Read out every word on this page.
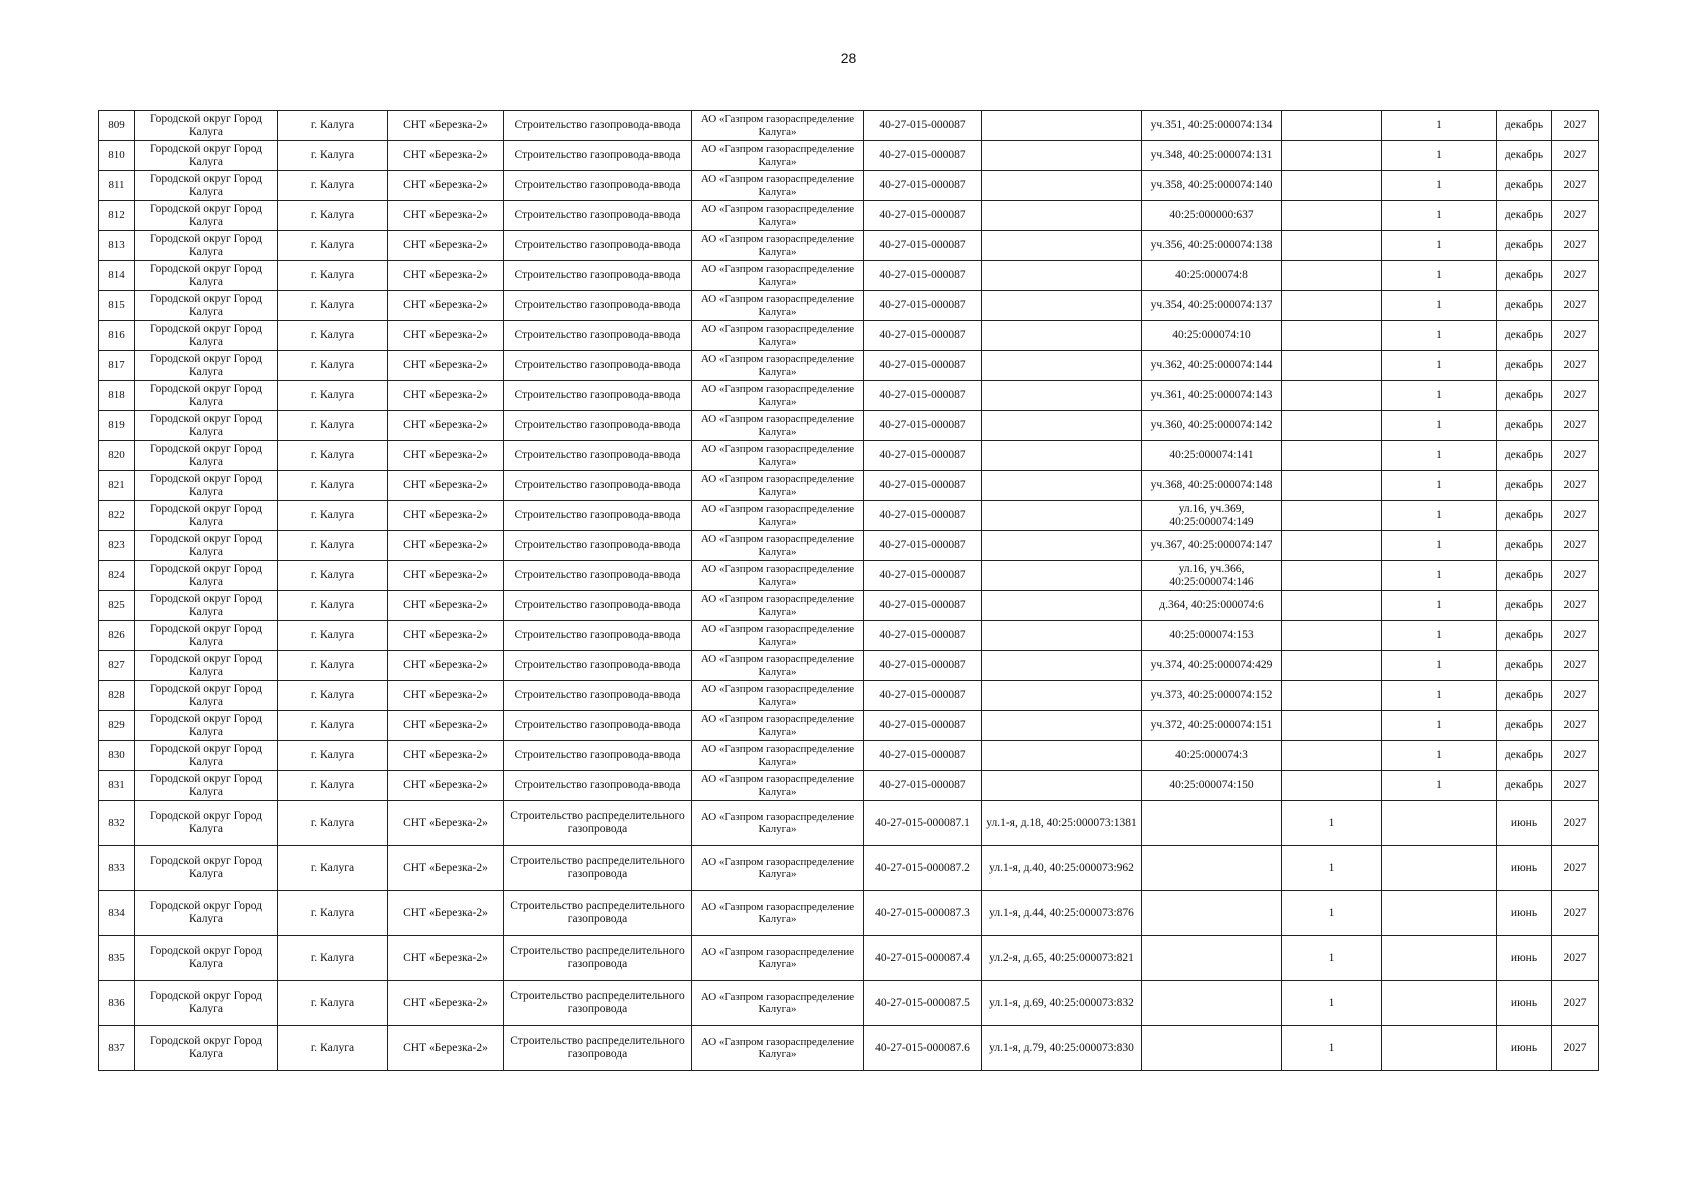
28
809	Городской округ Город Калуга	г. Калуга	СНТ «Березка-2»	Строительство газопровода-ввода	АО «Газпром газораспределение Калуга»	40-27-015-000087		уч.351, 40:25:000074:134		1	декабрь	2027
810	Городской округ Город Калуга	г. Калуга	СНТ «Березка-2»	Строительство газопровода-ввода	АО «Газпром газораспределение Калуга»	40-27-015-000087		уч.348, 40:25:000074:131		1	декабрь	2027
811	Городской округ Город Калуга	г. Калуга	СНТ «Березка-2»	Строительство газопровода-ввода	АО «Газпром газораспределение Калуга»	40-27-015-000087		уч.358, 40:25:000074:140		1	декабрь	2027
812	Городской округ Город Калуга	г. Калуга	СНТ «Березка-2»	Строительство газопровода-ввода	АО «Газпром газораспределение Калуга»	40-27-015-000087		40:25:000000:637		1	декабрь	2027
813	Городской округ Город Калуга	г. Калуга	СНТ «Березка-2»	Строительство газопровода-ввода	АО «Газпром газораспределение Калуга»	40-27-015-000087		уч.356, 40:25:000074:138		1	декабрь	2027
814	Городской округ Город Калуга	г. Калуга	СНТ «Березка-2»	Строительство газопровода-ввода	АО «Газпром газораспределение Калуга»	40-27-015-000087		40:25:000074:8		1	декабрь	2027
815	Городской округ Город Калуга	г. Калуга	СНТ «Березка-2»	Строительство газопровода-ввода	АО «Газпром газораспределение Калуга»	40-27-015-000087		уч.354, 40:25:000074:137		1	декабрь	2027
816	Городской округ Город Калуга	г. Калуга	СНТ «Березка-2»	Строительство газопровода-ввода	АО «Газпром газораспределение Калуга»	40-27-015-000087		40:25:000074:10		1	декабрь	2027
817	Городской округ Город Калуга	г. Калуга	СНТ «Березка-2»	Строительство газопровода-ввода	АО «Газпром газораспределение Калуга»	40-27-015-000087		уч.362, 40:25:000074:144		1	декабрь	2027
818	Городской округ Город Калуга	г. Калуга	СНТ «Березка-2»	Строительство газопровода-ввода	АО «Газпром газораспределение Калуга»	40-27-015-000087		уч.361, 40:25:000074:143		1	декабрь	2027
819	Городской округ Город Калуга	г. Калуга	СНТ «Березка-2»	Строительство газопровода-ввода	АО «Газпром газораспределение Калуга»	40-27-015-000087		уч.360, 40:25:000074:142		1	декабрь	2027
820	Городской округ Город Калуга	г. Калуга	СНТ «Березка-2»	Строительство газопровода-ввода	АО «Газпром газораспределение Калуга»	40-27-015-000087		40:25:000074:141		1	декабрь	2027
821	Городской округ Город Калуга	г. Калуга	СНТ «Березка-2»	Строительство газопровода-ввода	АО «Газпром газораспределение Калуга»	40-27-015-000087		уч.368, 40:25:000074:148		1	декабрь	2027
822	Городской округ Город Калуга	г. Калуга	СНТ «Березка-2»	Строительство газопровода-ввода	АО «Газпром газораспределение Калуга»	40-27-015-000087		ул.16, уч.369, 40:25:000074:149		1	декабрь	2027
823	Городской округ Город Калуга	г. Калуга	СНТ «Березка-2»	Строительство газопровода-ввода	АО «Газпром газораспределение Калуга»	40-27-015-000087		уч.367, 40:25:000074:147		1	декабрь	2027
824	Городской округ Город Калуга	г. Калуга	СНТ «Березка-2»	Строительство газопровода-ввода	АО «Газпром газораспределение Калуга»	40-27-015-000087		ул.16, уч.366, 40:25:000074:146		1	декабрь	2027
825	Городской округ Город Калуга	г. Калуга	СНТ «Березка-2»	Строительство газопровода-ввода	АО «Газпром газораспределение Калуга»	40-27-015-000087		д.364, 40:25:000074:6		1	декабрь	2027
826	Городской округ Город Калуга	г. Калуга	СНТ «Березка-2»	Строительство газопровода-ввода	АО «Газпром газораспределение Калуга»	40-27-015-000087		40:25:000074:153		1	декабрь	2027
827	Городской округ Город Калуга	г. Калуга	СНТ «Березка-2»	Строительство газопровода-ввода	АО «Газпром газораспределение Калуга»	40-27-015-000087		уч.374, 40:25:000074:429		1	декабрь	2027
828	Городской округ Город Калуга	г. Калуга	СНТ «Березка-2»	Строительство газопровода-ввода	АО «Газпром газораспределение Калуга»	40-27-015-000087		уч.373, 40:25:000074:152		1	декабрь	2027
829	Городской округ Город Калуга	г. Калуга	СНТ «Березка-2»	Строительство газопровода-ввода	АО «Газпром газораспределение Калуга»	40-27-015-000087		уч.372, 40:25:000074:151		1	декабрь	2027
830	Городской округ Город Калуга	г. Калуга	СНТ «Березка-2»	Строительство газопровода-ввода	АО «Газпром газораспределение Калуга»	40-27-015-000087		40:25:000074:3		1	декабрь	2027
831	Городской округ Город Калуга	г. Калуга	СНТ «Березка-2»	Строительство газопровода-ввода	АО «Газпром газораспределение Калуга»	40-27-015-000087		40:25:000074:150		1	декабрь	2027
832	Городской округ Город Калуга	г. Калуга	СНТ «Березка-2»	Строительство распределительного газопровода	АО «Газпром газораспределение Калуга»	40-27-015-000087.1	ул.1-я, д.18, 40:25:000073:1381		1		июнь	2027
833	Городской округ Город Калуга	г. Калуга	СНТ «Березка-2»	Строительство распределительного газопровода	АО «Газпром газораспределение Калуга»	40-27-015-000087.2	ул.1-я, д.40, 40:25:000073:962		1		июнь	2027
834	Городской округ Город Калуга	г. Калуга	СНТ «Березка-2»	Строительство распределительного газопровода	АО «Газпром газораспределение Калуга»	40-27-015-000087.3	ул.1-я, д.44, 40:25:000073:876		1		июнь	2027
835	Городской округ Город Калуга	г. Калуга	СНТ «Березка-2»	Строительство распределительного газопровода	АО «Газпром газораспределение Калуга»	40-27-015-000087.4	ул.2-я, д.65, 40:25:000073:821		1		июнь	2027
836	Городской округ Город Калуга	г. Калуга	СНТ «Березка-2»	Строительство распределительного газопровода	АО «Газпром газораспределение Калуга»	40-27-015-000087.5	ул.1-я, д.69, 40:25:000073:832		1		июнь	2027
837	Городской округ Город Калуга	г. Калуга	СНТ «Березка-2»	Строительство распределительного газопровода	АО «Газпром газораспределение Калуга»	40-27-015-000087.6	ул.1-я, д.79, 40:25:000073:830		1		июнь	2027
